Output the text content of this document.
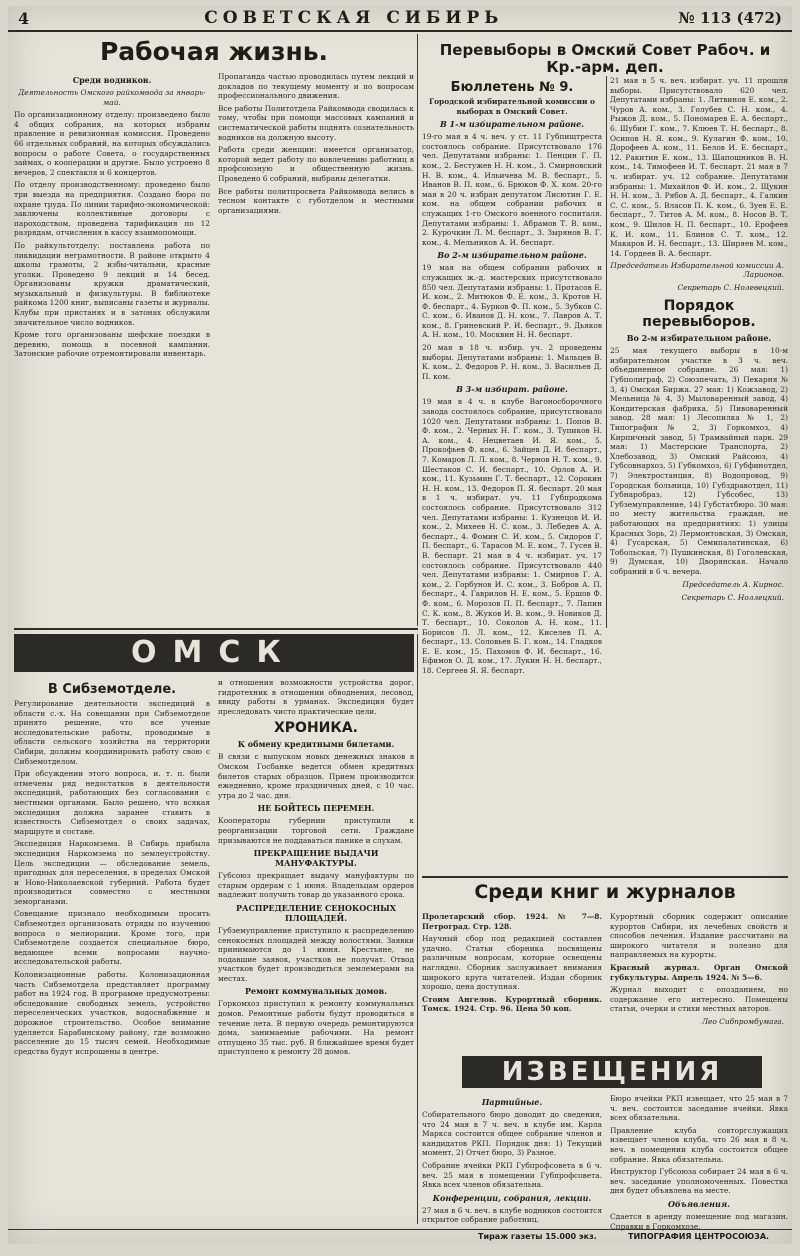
4	СОВЕТСКАЯ СИБИРЬ	№ 113 (472)
Рабочая жизнь.
Среди водников.

Деятельность Омского райкомвода за январь-май.

По организационному отделу: произведено было 4 общих собрания, на которых избраны правление и ревизионная комиссия. Проведено 66 отдельных собраний, на которых обсуждались вопросы о работе Совета, о государственных займах, о кооперации и другие. Было устроено 8 вечеров, 2 спектакля и 6 концертов.

По отделу производственному: проведено было три выезда на предприятия. Создано бюро по охране труда. По линии тарифно-экономической: заключены коллективные договоры с пароходством, проведена тарификация по 12 разрядам, отчисления в кассу взаимопомощи.

По райкультотделу: поставлена работа по ликвидации неграмотности. В районе открыто 4 школы грамоты, 2 избы-читальни, красные уголки. Проведено 9 лекций и 14 бесед. Организованы кружки драматический, музыкальный и физкультуры. В библиотеке райкома 1200 книг, выписаны газеты и журналы. Клубы при пристанях и в затонах обслужили значительное число водников.

Кроме того организованы шефские поездки в деревню, помощь в посевной кампании. Затонские рабочие отремонтировали инвентарь.

Пропаганда частью проводилась путем лекций и докладов по текущему моменту и по вопросам профессионального движения.

Все работы Политотдела Райкомвода сводилась к тому, чтобы при помощи массовых кампаний и систематической работы поднять сознательность водников на должную высоту.

Работа среди женщин: имеется организатор, которой ведет работу по вовлечению работниц в профсоюзную и общественную жизнь. Проведено 6 собраний, выбраны делегатки.

Все работы политпросвета Райкомвода велись в тесном контакте с губотделом и местными организациями.

Перевыборы в Омский Совет Рабоч. и Кр.-арм. деп.
Бюллетень № 9.

Городской избирательной комиссии о выборах в Омский Совет.

В 1-м избирательном районе.

19-го мая в 4 ч. веч. у ст. 11 Губпищтреста состоялось собрание. Присутствовало 176 чел. Депутатами избраны: 1. Пенцин Г. П. ком., 2. Бестужев Н. Н. ком., 3. Смирновский Н. В. ком., 4. Ильичева М. В. беспарт., 5. Иванов В. П. ком., 6. Брюков Ф. Х. ком. 20-го мая в 20 ч. избран депутатом Лисютин Г. Е. ком. на общем собрании рабочих и служащих 1-го Омского военного госпиталя. Депутатами избраны: 1. Абрамов Т. В. ком., 2. Курочкин Л. М. беспарт., 3. Зырянов В. Г. ком., 4. Мельников А. И. беспарт.

Во 2-м избирательном районе.

19 мая на общем собрании рабочих и служащих ж.-д. мастерских присутствовало 850 чел. Депутатами избраны: 1. Протасов Е. И. ком., 2. Митюков Ф. Е. ком., 3. Кротов Н. Ф. беспарт., 4. Бурков Ф. П. ком., 5. Зубков С. С. ком., 6. Иванов Д. Н. ком., 7. Лавров А. Т. ком., 8. Гриневский Р. И. беспарт., 9. Дьяков А. Н. ком., 10. Москвин Н. Н. беспарт.

20 мая в 18 ч. избир. уч. 2 проведены выборы. Депутатами избраны: 1. Мальцев В. К. ком., 2. Федоров Р. Н. ком., 3. Васильев Д. П. ком.

В 3-м избират. районе.

19 мая в 4 ч. в клубе Вагоносборочного завода состоялось собрание, присутствовало 1020 чел. Депутатами избраны: 1. Попов В. Ф. ком., 2. Черных Н. Г. ком., 3. Тупиков Н. А. ком., 4. Нецветаев И. Я. ком., 5. Прокофьев Ф. ком., 6. Зайцев Д. И. беспарт., 7. Комаров Л. Л. ком., 8. Чернов Н. Т. ком., 9. Шестаков С. И. беспарт., 10. Орлов А. И. ком., 11. Кузьмин Г. Т. беспарт., 12. Сорокин Н. Н. ком., 13. Федоров П. Я. беспарт. 20 мая в 1 ч. избират. уч. 11 Губпродкома состоялось собрание. Присутствовало 312 чел. Депутатами избраны: 1. Кузнецов И. И. ком., 2. Михеев Н. С. ком., 3. Лебедев А. А. беспарт., 4. Фомин С. И. ком., 5. Сидоров Г. П. беспарт., 6. Тарасов М. Е. ком., 7. Гусев В. В. беспарт. 21 мая в 4 ч. избират. уч. 17 состоялось собрание. Присутствовало 440 чел. Депутатами избраны: 1. Смирнов Г. А. ком., 2. Горбунов И. С. ком., 3. Бобров А. П. беспарт., 4. Гаврилов Н. Е. ком., 5. Ершов Ф. Ф. ком., 6. Морозов П. П. беспарт., 7. Лапин С. К. ком., 8. Жуков И. В. ком., 9. Новиков Д. Т. беспарт., 10. Соколов А. Н. ком., 11. Борисов Л. Л. ком., 12. Киселев П. А. беспарт., 13. Соловьев Б. Г. ком., 14. Гладков Е. Е. ком., 15. Пахомов Ф. И. беспарт., 16. Ефимов О. Д. ком., 17. Лукин Н. Н. беспарт., 18. Сергеев Я. Я. беспарт.

21 мая в 5 ч. веч. избират. уч. 11 прошли выборы. Присутствовало 620 чел. Депутатами избраны: 1. Литвинов Е. ком., 2. Чуров А. ком., 3. Голубев С. Н. ком., 4. Рыжов Д. ком., 5. Пономарев Е. А. беспарт., 6. Шубин Г. ком., 7. Клюев Т. Н. беспарт., 8. Осипов Н. Я. ком., 9. Кулагин Ф. ком., 10. Дорофеев А. ком., 11. Белов И. Е. беспарт., 12. Ракитин Е. ком., 13. Шапошников В. Н. ком., 14. Тимофеев И. Т. беспарт. 21 мая в 7 ч. избират. уч. 12 собрание. Депутатами избраны: 1. Михайлов Ф. И. ком., 2. Щукин Н. Н. ком., 3. Рябов А. Д. беспарт., 4. Галкин С. С. ком., 5. Власов П. К. ком., 6. Зуев Е. Е. беспарт., 7. Титов А. М. ком., 8. Носов В. Т. ком., 9. Шилов Н. П. беспарт., 10. Ерофеев К. И. ком., 11. Блинов С. Т. ком., 12. Макаров И. Н. беспарт., 13. Ширяев М. ком., 14. Гордеев В. А. беспарт.

Председатель Избирательной комиссии А. Ларионов.

Секретарь С. Нолевецкий.

Порядок перевыборов.
Во 2-м избирательном районе.

25 мая текущего выборы в 10-м избирательном участке в 3 ч. веч. объединенное собрание. 26 мая: 1) Губполиграф, 2) Союзпечать, 3) Пекарня № 3, 4) Омская Биржа. 27 мая: 1) Кожзавод, 2) Мельница № 4, 3) Мыловаренный завод, 4) Кондитерская фабрика, 5) Пивоваренный завод. 28 мая: 1) Лесопилка № 1, 2) Типография № 2, 3) Горкомхоз, 4) Кирпичный завод, 5) Трамвайный парк. 29 мая: 1) Мастерские Транспорта, 2) Хлебозавод, 3) Омский Райсоюз, 4) Губсовнархоз, 5) Губкомхоз, 6) Губфинотдел, 7) Электростанция, 8) Водопровод, 9) Городская больница, 10) Губздравотдел, 11) Губнаробраз, 12) Губсобес, 13) Губземуправление, 14) Губстатбюро. 30 мая: по месту жительства граждан, не работающих на предприятиях: 1) улицы Красных Зорь, 2) Лермонтовская, 3) Омская, 4) Гусарская, 5) Семипалатинская, 6) Тобольская, 7) Пушкинская, 8) Гоголевская, 9) Думская, 10) Дворянская. Начало собраний в 6 ч. вечера.

Председатель А. Кирнос.

Секретарь С. Ноллецкий.

ОМСК
В Сибземотделе.

Регулирование деятельности экспедиций в области с.-х. На совещании при Сибземотделе принято решение, что все ученые исследовательские работы, проводимые в области сельского хозяйства на территории Сибири, должны координировать работу свою с Сибземотделом.

При обсуждении этого вопроса, и. т. п. были отмечены ряд недостатков в деятельности экспедиций, работающих без согласования с местными органами. Было решено, что всякая экспедиция должна заранее ставить в известность Сибземотдел о своих задачах, маршруте и составе.

Экспедиция Наркомзема. В Сибирь прибыла экспедиция Наркомзема по землеустройству. Цель экспедиции — обследование земель, пригодных для переселения, в пределах Омской и Ново-Николаевской губерний. Работа будет производиться совместно с местными земорганами.

Совещание признало необходимым просить Сибземотдел организовать отряды по изучению вопроса о мелиорации. Кроме того, при Сибземотделе создается специальное бюро, ведающее всеми вопросами научно-исследовательской работы.

Колонизационные работы. Колонизационная часть Сибземотдела представляет программу работ на 1924 год. В программе предусмотрены: обследование свободных земель, устройство переселенческих участков, водоснабжение и дорожное строительство. Особое внимание уделяется Барабинскому району, где возможно расселение до 15 тысяч семей. Необходимые средства будут испрошены в центре.

и отношения возможности устройства дорог, гидротехник в отношении обводнения, лесовод, ввиду работы в урманах. Экспедиция будет преследовать чисто практические цели.

ХРОНИКА.
К обмену кредитными билетами.

В связи с выпуском новых денежных знаков в Омском Госбанке ведется обмен кредитных билетов старых образцов. Прием производится ежедневно, кроме праздничных дней, с 10 час. утра до 2 час. дня.

НЕ БОЙТЕСЬ ПЕРЕМЕН.

Кооператоры губернии приступили к реорганизации торговой сети. Граждане призываются не поддаваться панике и слухам.

ПРЕКРАЩЕНИЕ ВЫДАЧИ МАНУФАКТУРЫ.

Губсоюз прекращает выдачу мануфактуры по старым ордерам с 1 июня. Владельцам ордеров надлежит получить товар до указанного срока.

РАСПРЕДЕЛЕНИЕ СЕНОКОСНЫХ ПЛОЩАДЕЙ.

Губземуправление приступило к распределению сенокосных площадей между волостями. Заявки принимаются до 1 июня. Крестьяне, не подавшие заявок, участков не получат. Отвод участков будет производиться землемерами на местах.

Ремонт коммунальных домов.

Горкомхоз приступил к ремонту коммунальных домов. Ремонтные работы будут проводиться в течение лета. В первую очередь ремонтируются дома, занимаемые рабочими. На ремонт отпущено 35 тыс. руб. В ближайшее время будет приступлено к ремонту 28 домов.

Среди книг и журналов

Пролетарский сбор. 1924. № 7—8. Петроград. Стр. 128.

Научный сбор под редакцией составлен удачно. Статьи сборника посвящены различным вопросам, которые освещены наглядно. Сборник заслуживает внимания широкого круга читателей. Издан сборник хорошо, цена доступная.

Стоим Ангелов. Курортный сборник. Томск. 1924. Стр. 96. Цена 50 коп.

Курортный сборник содержит описание курортов Сибири, их лечебных свойств и способов лечения. Издание рассчитано на широкого читателя и полезно для направляемых на курорты.

Красный журнал. Орган Омской губкультуры. Апрель 1924. № 5—6.

Журнал выходит с опозданием, но содержание его интересно. Помещены статьи, очерки и стихи местных авторов.

Лео Сибпромбумага.

ИЗВЕЩЕНИЯ
Партийные.

Собирательного бюро доводит до сведения, что 24 мая в 7 ч. веч. в клубе им. Карла Маркса состоится общее собрание членов и кандидатов РКП. Порядок дня: 1) Текущий момент, 2) Отчет бюро, 3) Разное.

Собрание ячейки РКП Губпрофсовета в 6 ч. веч. 25 мая в помещении Губпрофсовета. Явка всех членов обязательна.

Конференции, собрания, лекции.

27 мая в 6 ч. веч. в клубе водников состоится открытое собрание работниц.

Бюро ячейки РКП извещает, что 25 мая в 7 ч. веч. состоится заседание ячейки. Явка всех обязательна.

Правление клуба совторгслужащих извещает членов клуба, что 26 мая в 8 ч. веч. в помещении клуба состоится общее собрание. Явка обязательна.

Инструктор Губсоюза собирает 24 мая в 6 ч. веч. заседание уполномоченных. Повестка дня будет объявлена на месте.

Объявления.

Сдается в аренду помещение под магазин. Справки в Горкомхозе.

Тираж газеты 15.000 экз.	ТИПОГРАФИЯ ЦЕНТРОСОЮЗА.
